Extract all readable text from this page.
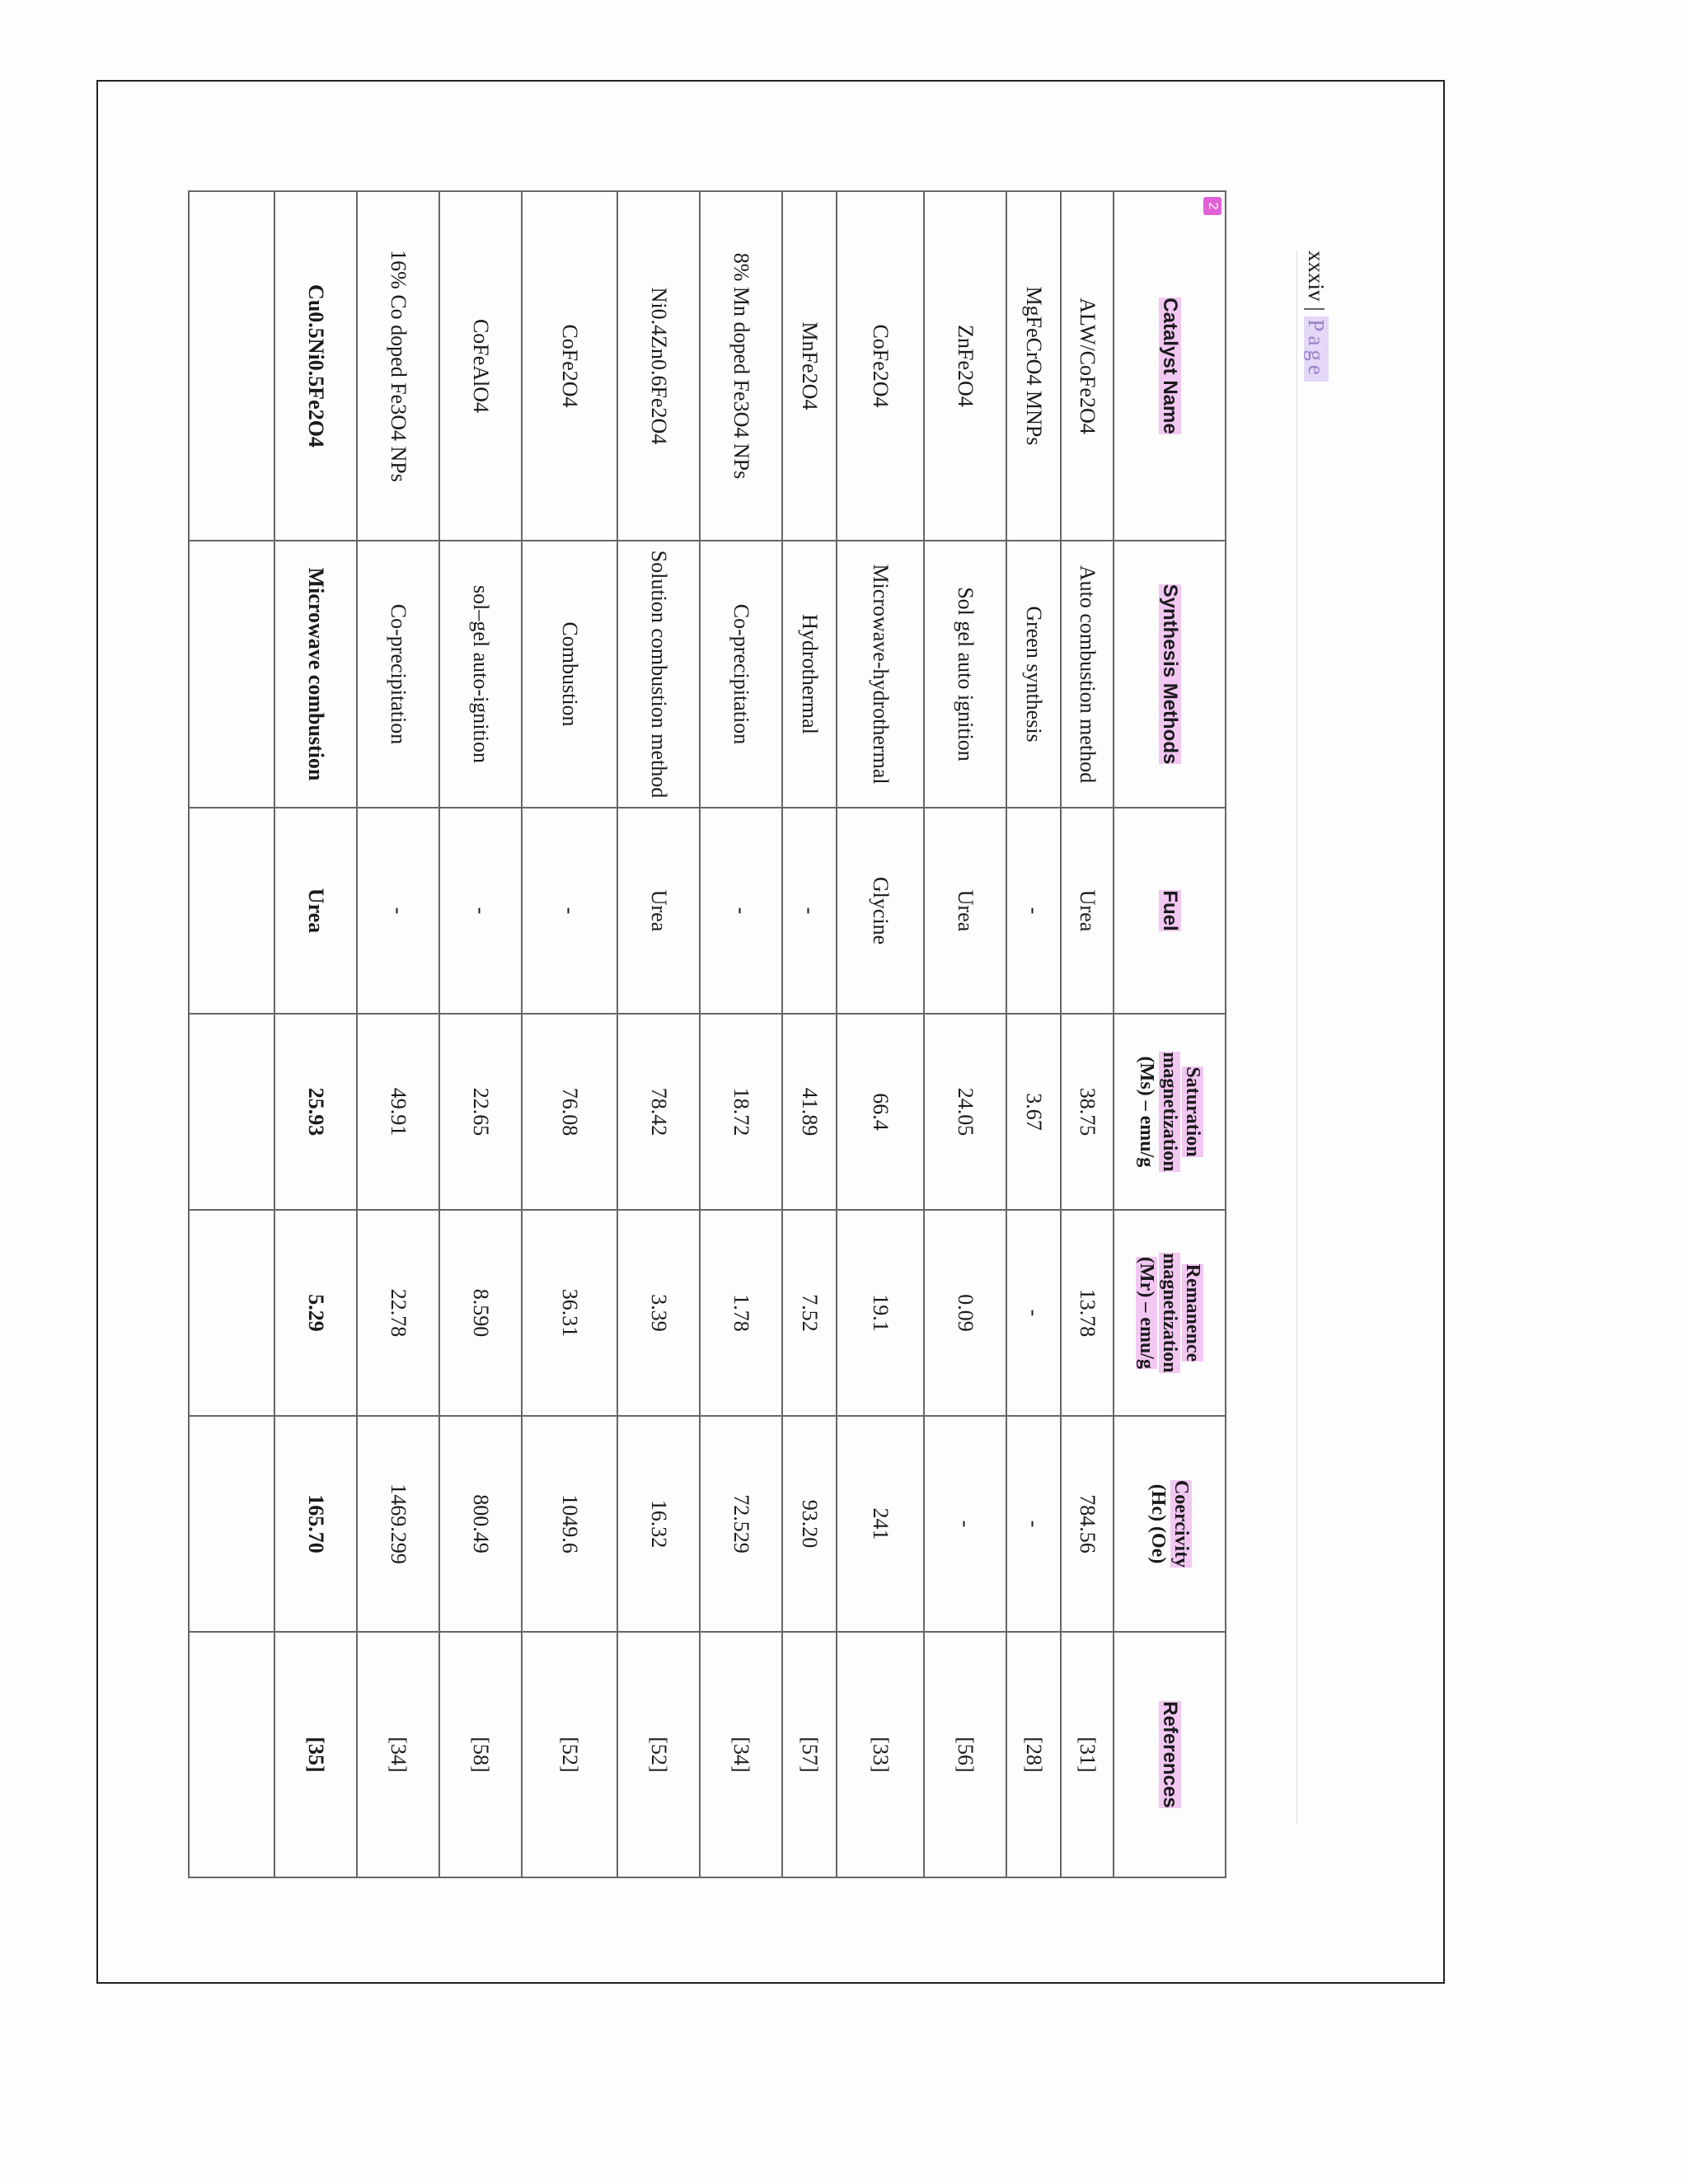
2
Catalyst Name	Synthesis Methods	Fuel	Saturation
magnetization
(Ms) – emu/g	Remanence
magnetization
(Mr) – emu/g	Coercivity
(Hc) (Oe)	References
ALW/CoFe2O4	Auto combustion method	Urea	38.75	13.78	784.56	[31]
MgFeCrO4 MNPs	Green synthesis	-	3.67	-	-	[28]
ZnFe2O4	Sol gel auto ignition	Urea	24.05	0.09	-	[56]
CoFe2O4	Microwave-hydrothermal	Glycine	66.4	19.1	241	[33]
MnFe2O4	Hydrothermal	-	41.89	7.52	93.20	[57]
8% Mn doped Fe3O4 NPs	Co-precipitation	-	18.72	1.78	72.529	[34]
Ni0.4Zn0.6Fe2O4	Solution combustion method	Urea	78.42	3.39	16.32	[52]
CoFe2O4	Combustion	-	76.08	36.31	1049.6	[52]
CoFeAlO4	sol–gel auto-ignition	-	22.65	8.590	800.49	[58]
16% Co doped Fe3O4 NPs	Co-precipitation	-	49.91	22.78	1469.299	[34]
Cu0.5Ni0.5Fe2O4	Microwave combustion	Urea	25.93	5.29	165.70	[35]

xxxiv | Page
